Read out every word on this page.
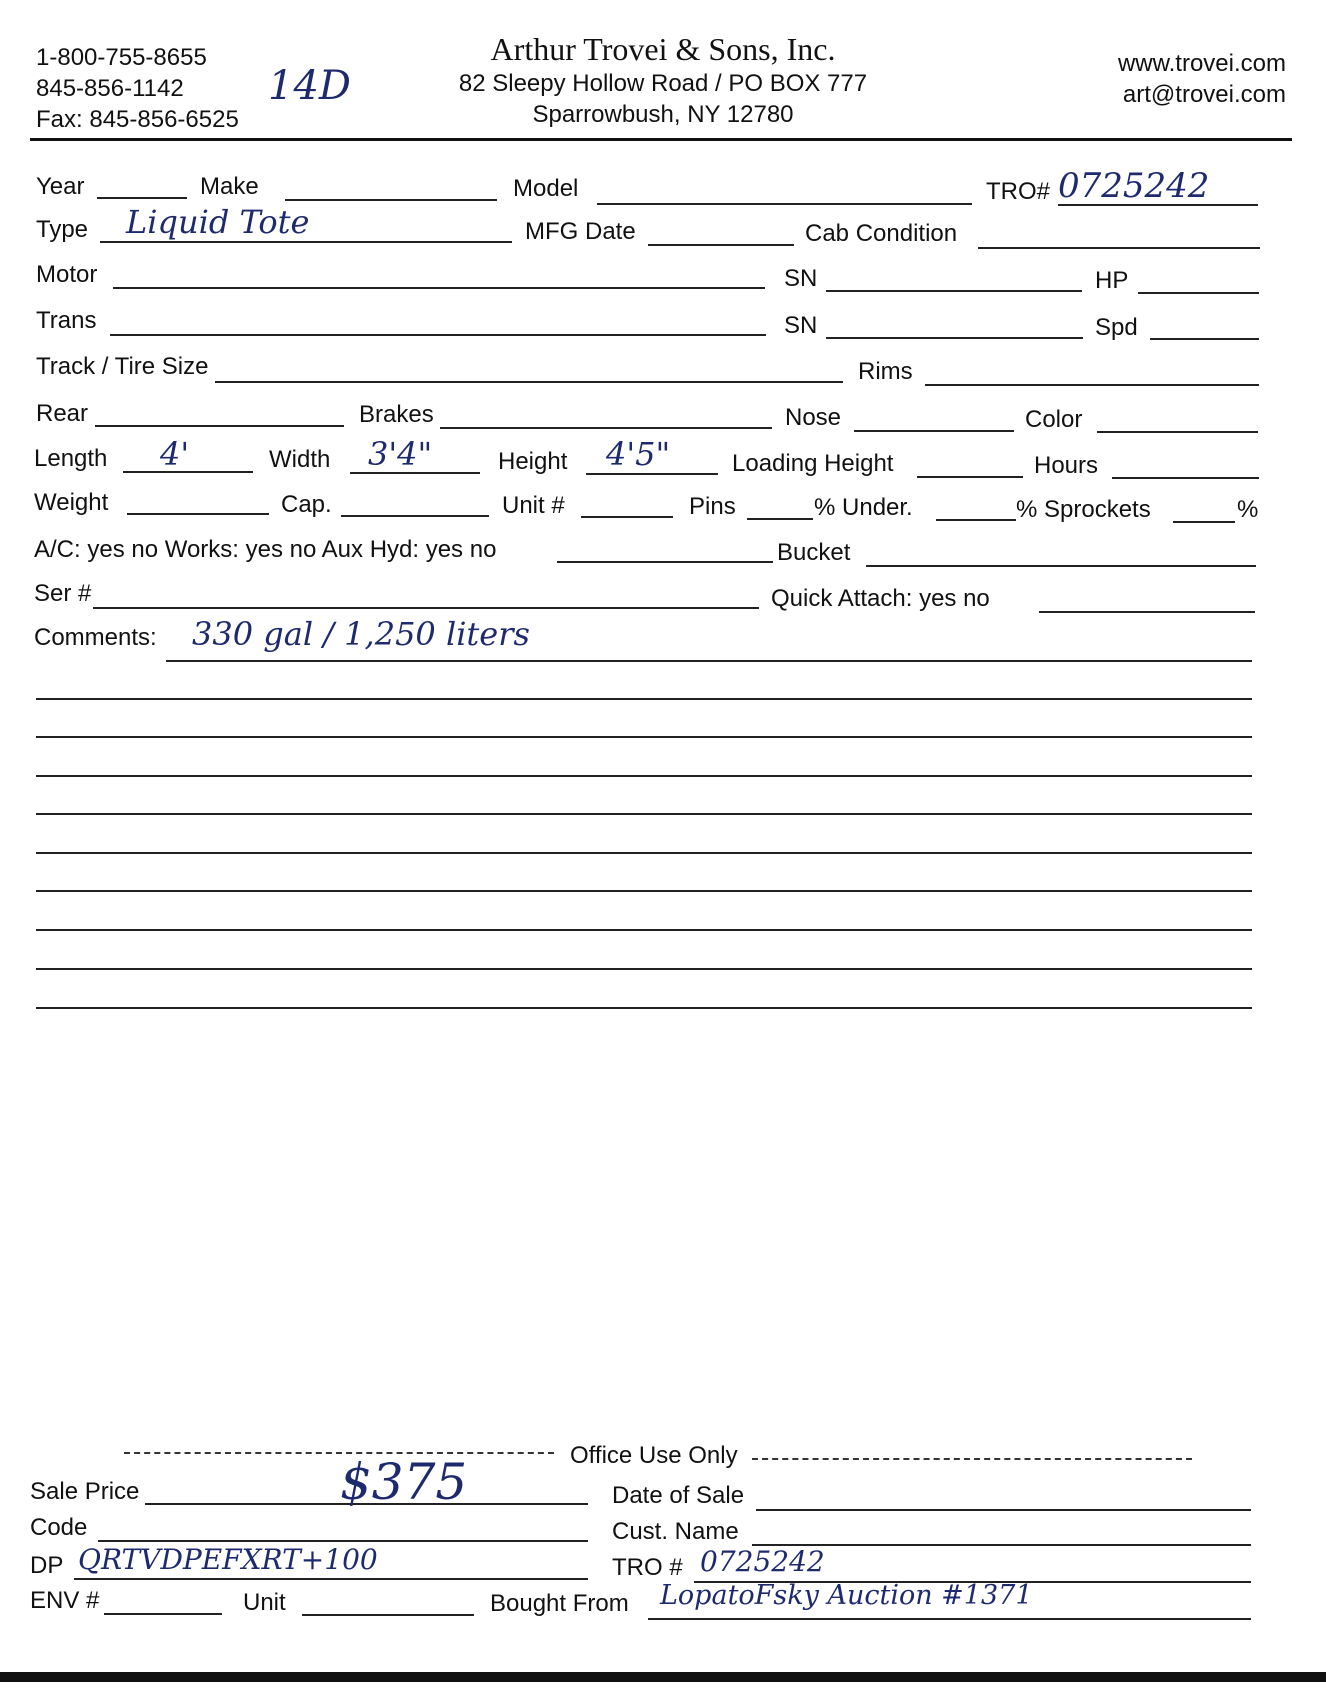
1-800-755-8655
845-856-1142
Fax: 845-856-6525
14D
Arthur Trovei & Sons, Inc.
82 Sleepy Hollow Road / PO BOX 777
Sparrowbush, NY 12780
www.trovei.com
art@trovei.com
Year	Make	Model	TRO# 0725242
Type Liquid Tote	MFG Date	Cab Condition
Motor	SN	HP
Trans	SN	Spd
Track / Tire Size	Rims
Rear	Brakes	Nose	Color
Length 4'	Width 3'4"	Height 4'5"	Loading Height	Hours
Weight	Cap.	Unit #	Pins	% Under.	% Sprockets	%
A/C: yes no Works: yes no Aux Hyd: yes no	Bucket
Ser #	Quick Attach: yes no
Comments: 330 gal / 1,250 liters
Office Use Only
Sale Price	$375	Date of Sale
Code	Cust. Name
DP QRTVDPEFXRT+100	TRO # 0725242
ENV #	Unit	Bought From LopatoFsky Auction #1371
